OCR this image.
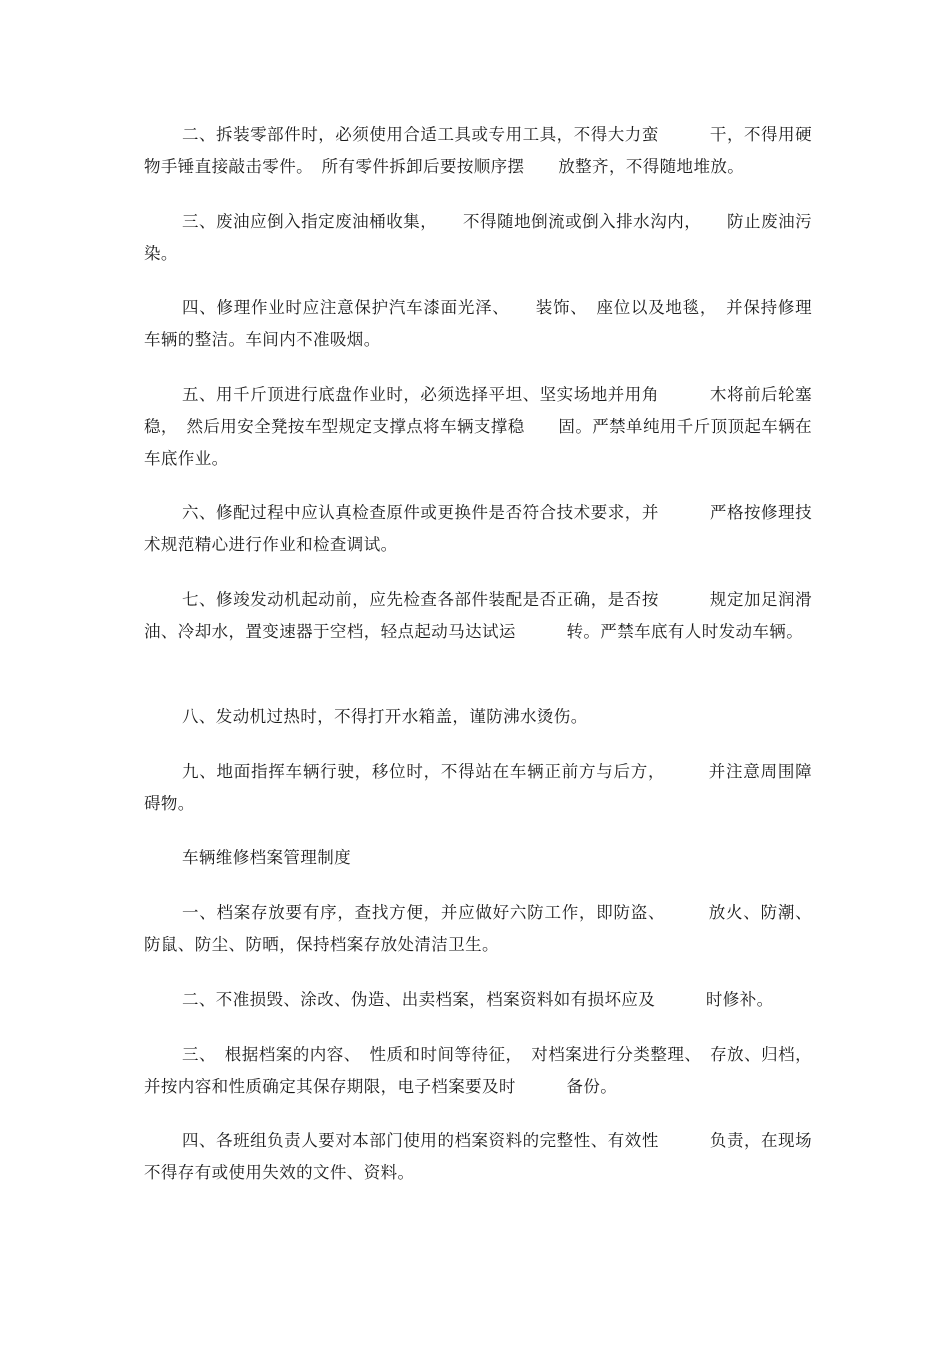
二、拆装零部件时，必须使用合适工具或专用工具，不得大力蛮　　　干，不得用硬物手锤直接敲击零件。　所有零件拆卸后要按顺序摆　　放整齐，不得随地堆放。

三、废油应倒入指定废油桶收集，　　不得随地倒流或倒入排水沟内，　　防止废油污染。

四、修理作业时应注意保护汽车漆面光泽、　　装饰、　座位以及地毯，　并保持修理车辆的整洁。车间内不准吸烟。

五、用千斤顶进行底盘作业时，必须选择平坦、坚实场地并用角　　　木将前后轮塞稳，　然后用安全凳按车型规定支撑点将车辆支撑稳　　固。严禁单纯用千斤顶顶起车辆在车底作业。

六、修配过程中应认真检查原件或更换件是否符合技术要求，并　　　严格按修理技术规范精心进行作业和检查调试。

七、修竣发动机起动前，应先检查各部件装配是否正确，是否按　　　规定加足润滑油、冷却水，置变速器于空档，轻点起动马达试运　　　转。严禁车底有人时发动车辆。

八、发动机过热时，不得打开水箱盖，谨防沸水烫伤。

九、地面指挥车辆行驶，移位时，不得站在车辆正前方与后方，　　　并注意周围障碍物。

车辆维修档案管理制度

一、档案存放要有序，查找方便，并应做好六防工作，即防盗、　　　放火、防潮、防鼠、防尘、防晒，保持档案存放处清洁卫生。

二、不准损毁、涂改、伪造、出卖档案，档案资料如有损坏应及　　　时修补。

三、　根据档案的内容、　性质和时间等待征，　对档案进行分类整理、　存放、归档，并按内容和性质确定其保存期限，电子档案要及时　　　备份。

四、各班组负责人要对本部门使用的档案资料的完整性、有效性　　　负责，在现场不得存有或使用失效的文件、资料。
